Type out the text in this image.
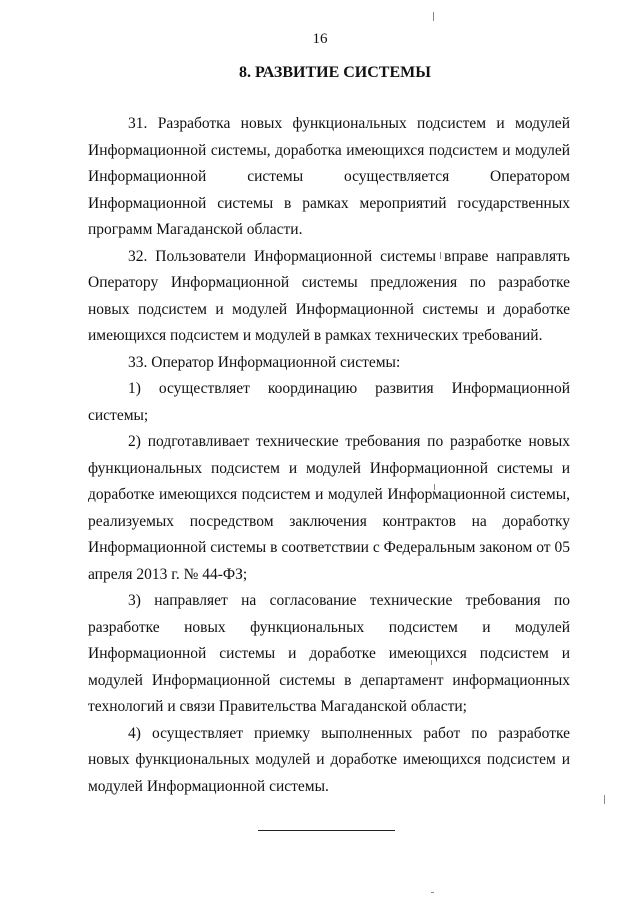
16
8. РАЗВИТИЕ СИСТЕМЫ

31. Разработка новых функциональных подсистем и модулей Информационной системы, доработка имеющихся подсистем и модулей Информационной системы осуществляется Оператором Информационной системы в рамках мероприятий государственных программ Магаданской области.

32. Пользователи Информационной системы вправе направлять Оператору Информационной системы предложения по разработке новых подсистем и модулей Информационной системы и доработке имеющихся подсистем и модулей в рамках технических требований.

33. Оператор Информационной системы:

1) осуществляет координацию развития Информационной системы;

2) подготавливает технические требования по разработке новых функциональных подсистем и модулей Информационной системы и доработке имеющихся подсистем и модулей Информационной системы, реализуемых посредством заключения контрактов на доработку Информационной системы в соответствии с Федеральным законом от 05 апреля 2013 г. № 44-ФЗ;

3) направляет на согласование технические требования по разработке новых функциональных подсистем и модулей Информационной системы и доработке имеющихся подсистем и модулей Информационной системы в департамент информационных технологий и связи Правительства Магаданской области;

4) осуществляет приемку выполненных работ по разработке новых функциональных модулей и доработке имеющихся подсистем и модулей Информационной системы.
